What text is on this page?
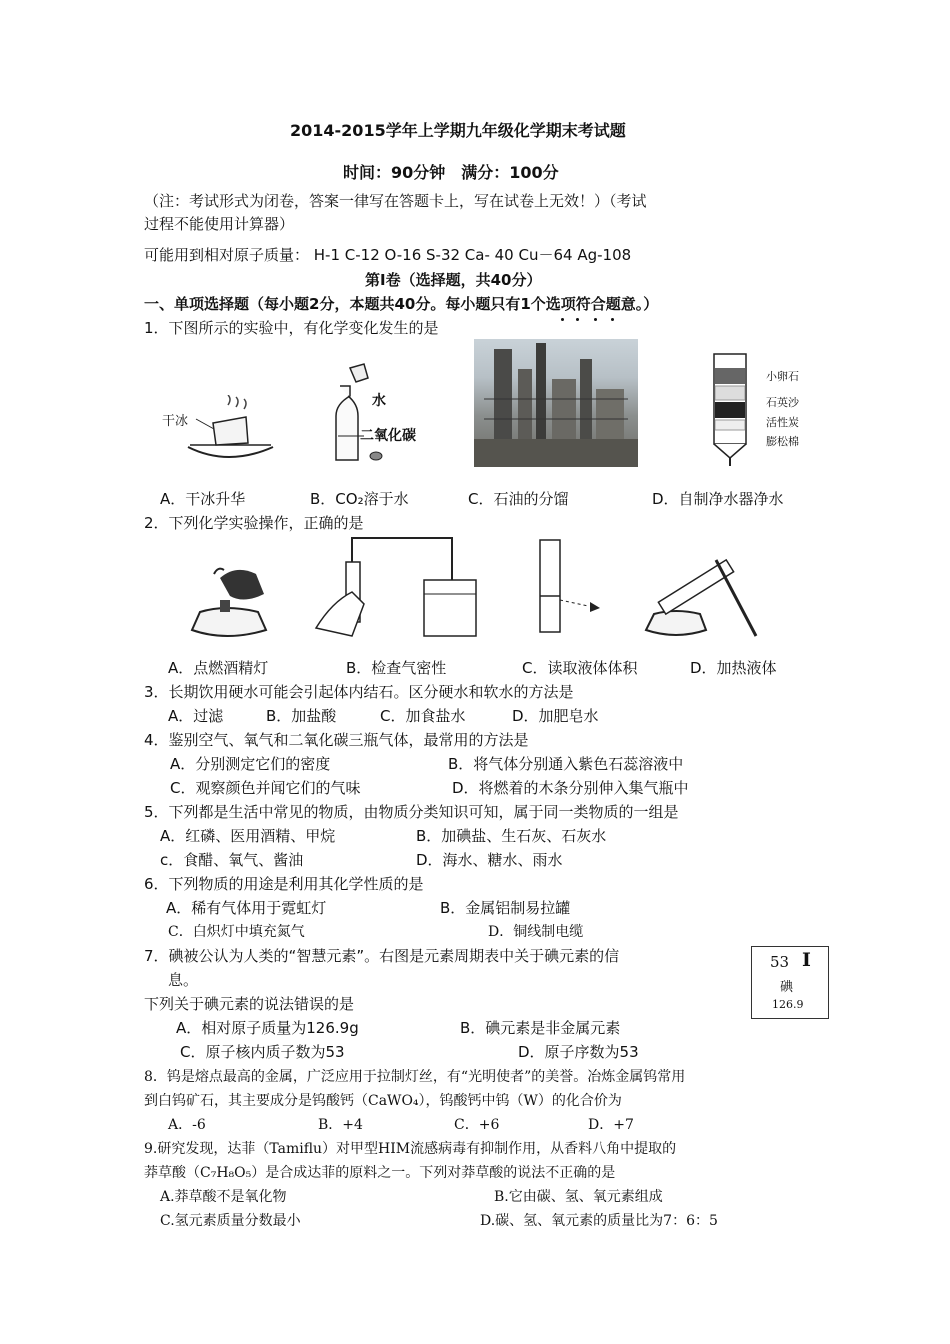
2014-2015学年上学期九年级化学期末考试题
时间：90分钟　满分：100分
（注：考试形式为闭卷，答案一律写在答题卡上，写在试卷上无效！）（考试
过程不能使用计算器）
可能用到相对原子质量： H-1 C-12 O-16 S-32 Ca- 40 Cu－64 Ag-108
第Ⅰ卷（选择题，共40分）
一、单项选择题（每小题2分，本题共40分。每小题只有1个选项符合题意。）
1．下图所示的实验中，有化学变化发生的是
干冰
水
二氧化碳
小卵石
石英沙
活性炭
膨松棉
A．干冰升华	B．CO₂溶于水	C．石油的分馏	D．自制净水器净水
2．下列化学实验操作，正确的是
A．点燃酒精灯	B．检查气密性	C．读取液体体积	D．加热液体
3．长期饮用硬水可能会引起体内结石。区分硬水和软水的方法是
A．过滤	B．加盐酸	C．加食盐水	D．加肥皂水
4．鉴别空气、氧气和二氧化碳三瓶气体，最常用的方法是
A．分别测定它们的密度	B．将气体分别通入紫色石蕊溶液中
C．观察颜色并闻它们的气味	D．将燃着的木条分别伸入集气瓶中
5．下列都是生活中常见的物质，由物质分类知识可知，属于同一类物质的一组是
A．红磷、医用酒精、甲烷	B．加碘盐、生石灰、石灰水
c．食醋、氧气、酱油	D．海水、糖水、雨水
6．下列物质的用途是利用其化学性质的是
A．稀有气体用于霓虹灯	B．金属铝制易拉罐
C．白炽灯中填充氮气	D．铜线制电缆
7．碘被公认为人类的“智慧元素”。右图是元素周期表中关于碘元素的信
息。
下列关于碘元素的说法错误的是
A．相对原子质量为126.9g	B．碘元素是非金属元素
C．原子核内质子数为53	D．原子序数为53
53 I
碘
126.9
8．钨是熔点最高的金属，广泛应用于拉制灯丝，有“光明使者”的美誉。冶炼金属钨常用
到白钨矿石，其主要成分是钨酸钙（CaWO₄），钨酸钙中钨（W）的化合价为
A．-6	B．+4	C．+6	D．+7
9.研究发现，达菲（Tamiflu）对甲型HIM流感病毒有抑制作用，从香料八角中提取的
莽草酸（C₇H₈O₅）是合成达菲的原料之一。下列对莽草酸的说法不正确的是
A.莽草酸不是氧化物	B.它由碳、氢、氧元素组成
C.氢元素质量分数最小	D.碳、氢、氧元素的质量比为7：6：5
